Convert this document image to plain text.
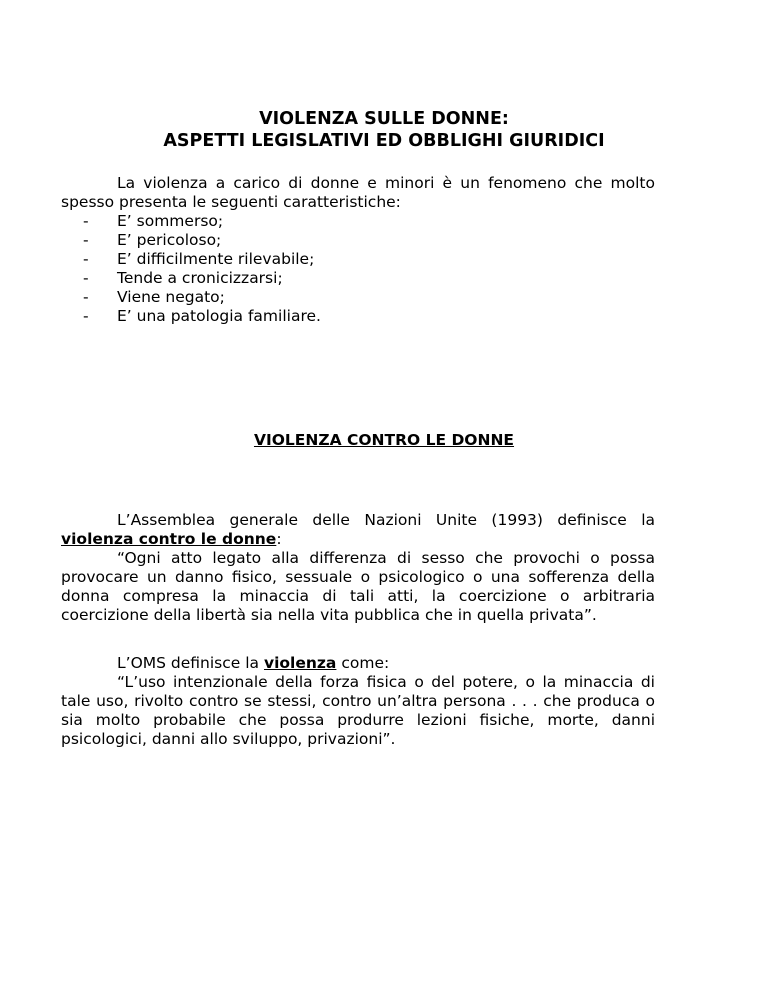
VIOLENZA SULLE DONNE:
ASPETTI LEGISLATIVI ED OBBLIGHI GIURIDICI

La violenza a carico di donne e minori è un fenomeno che molto spesso presenta le seguenti caratteristiche:

- E’ sommerso;
- E’ pericoloso;
- E’ difficilmente rilevabile;
- Tende a cronicizzarsi;
- Viene negato;
- E’ una patologia familiare.
VIOLENZA CONTRO LE DONNE

L’Assemblea generale delle Nazioni Unite (1993) definisce la violenza contro le donne:

“Ogni atto legato alla differenza di sesso che provochi o possa provocare un danno fisico, sessuale o psicologico o una sofferenza della donna compresa la minaccia di tali atti, la coercizione o arbitraria coercizione della libertà sia nella vita pubblica che in quella privata”.

L’OMS definisce la violenza come:

“L’uso intenzionale della forza fisica o del potere, o la minaccia di tale uso, rivolto contro se stessi, contro un’altra persona . . . che produca o sia molto probabile che possa produrre lezioni fisiche, morte, danni psicologici, danni allo sviluppo, privazioni”.
